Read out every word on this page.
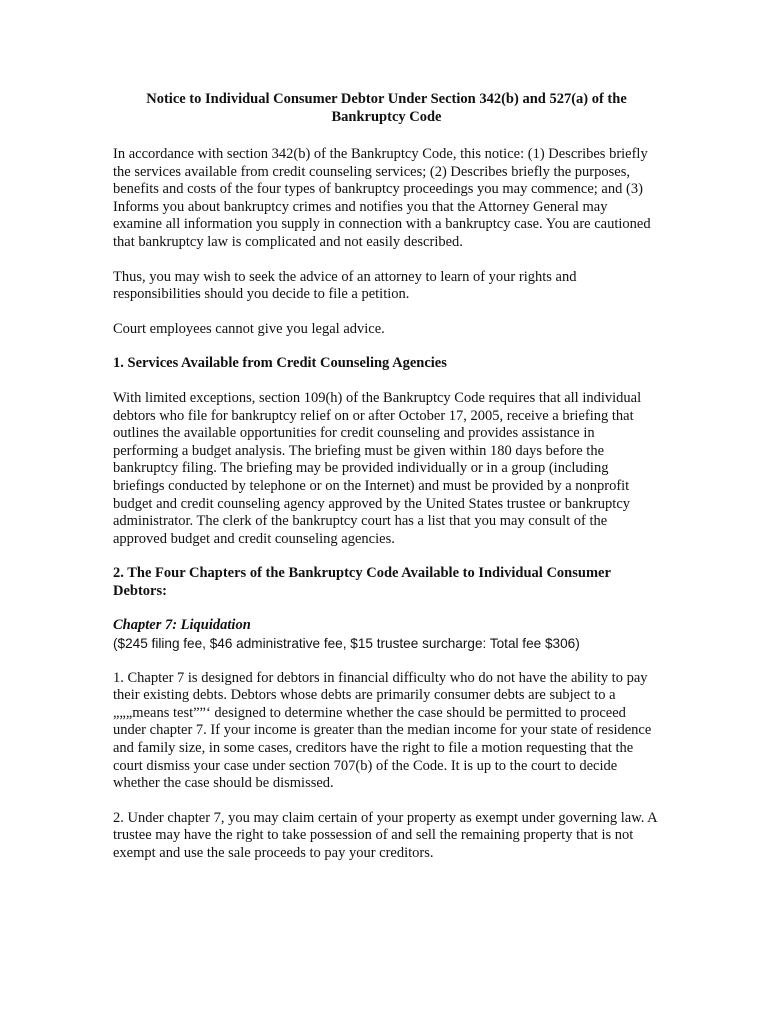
Notice to Individual Consumer Debtor Under Section 342(b) and 527(a) of the Bankruptcy Code

In accordance with section 342(b) of the Bankruptcy Code, this notice: (1) Describes briefly the services available from credit counseling services; (2) Describes briefly the purposes, benefits and costs of the four types of bankruptcy proceedings you may commence; and (3) Informs you about bankruptcy crimes and notifies you that the Attorney General may examine all information you supply in connection with a bankruptcy case. You are cautioned that bankruptcy law is complicated and not easily described.

Thus, you may wish to seek the advice of an attorney to learn of your rights and responsibilities should you decide to file a petition.

Court employees cannot give you legal advice.

1. Services Available from Credit Counseling Agencies

With limited exceptions, section 109(h) of the Bankruptcy Code requires that all individual debtors who file for bankruptcy relief on or after October 17, 2005, receive a briefing that outlines the available opportunities for credit counseling and provides assistance in performing a budget analysis. The briefing must be given within 180 days before the bankruptcy filing. The briefing may be provided individually or in a group (including briefings conducted by telephone or on the Internet) and must be provided by a nonprofit budget and credit counseling agency approved by the United States trustee or bankruptcy administrator. The clerk of the bankruptcy court has a list that you may consult of the approved budget and credit counseling agencies.

2. The Four Chapters of the Bankruptcy Code Available to Individual Consumer Debtors:
Chapter 7: Liquidation
($245 filing fee, $46 administrative fee, $15 trustee surcharge: Total fee $306)

1. Chapter 7 is designed for debtors in financial difficulty who do not have the ability to pay their existing debts. Debtors whose debts are primarily consumer debts are subject to a „„„means test””‘ designed to determine whether the case should be permitted to proceed under chapter 7. If your income is greater than the median income for your state of residence and family size, in some cases, creditors have the right to file a motion requesting that the court dismiss your case under section 707(b) of the Code. It is up to the court to decide whether the case should be dismissed.

2. Under chapter 7, you may claim certain of your property as exempt under governing law. A trustee may have the right to take possession of and sell the remaining property that is not exempt and use the sale proceeds to pay your creditors.
